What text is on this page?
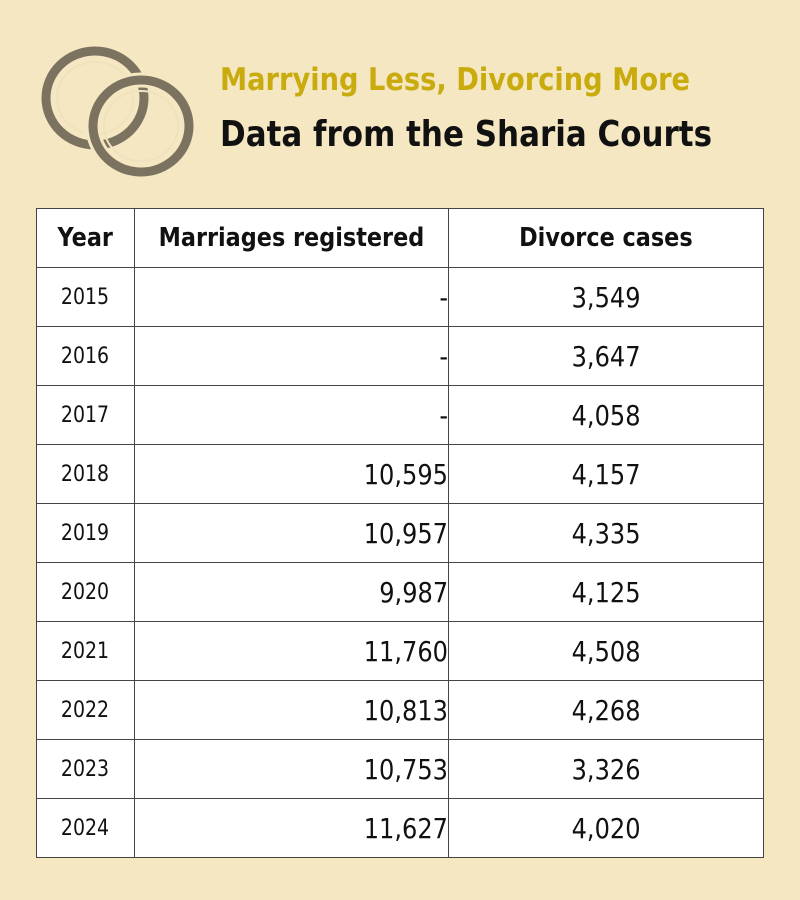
Marrying Less, Divorcing More
Data from the Sharia Courts
Year	Marriages registered	Divorce cases
2015	-	3,549
2016	-	3,647
2017	-	4,058
2018	10,595	4,157
2019	10,957	4,335
2020	9,987	4,125
2021	11,760	4,508
2022	10,813	4,268
2023	10,753	3,326
2024	11,627	4,020
